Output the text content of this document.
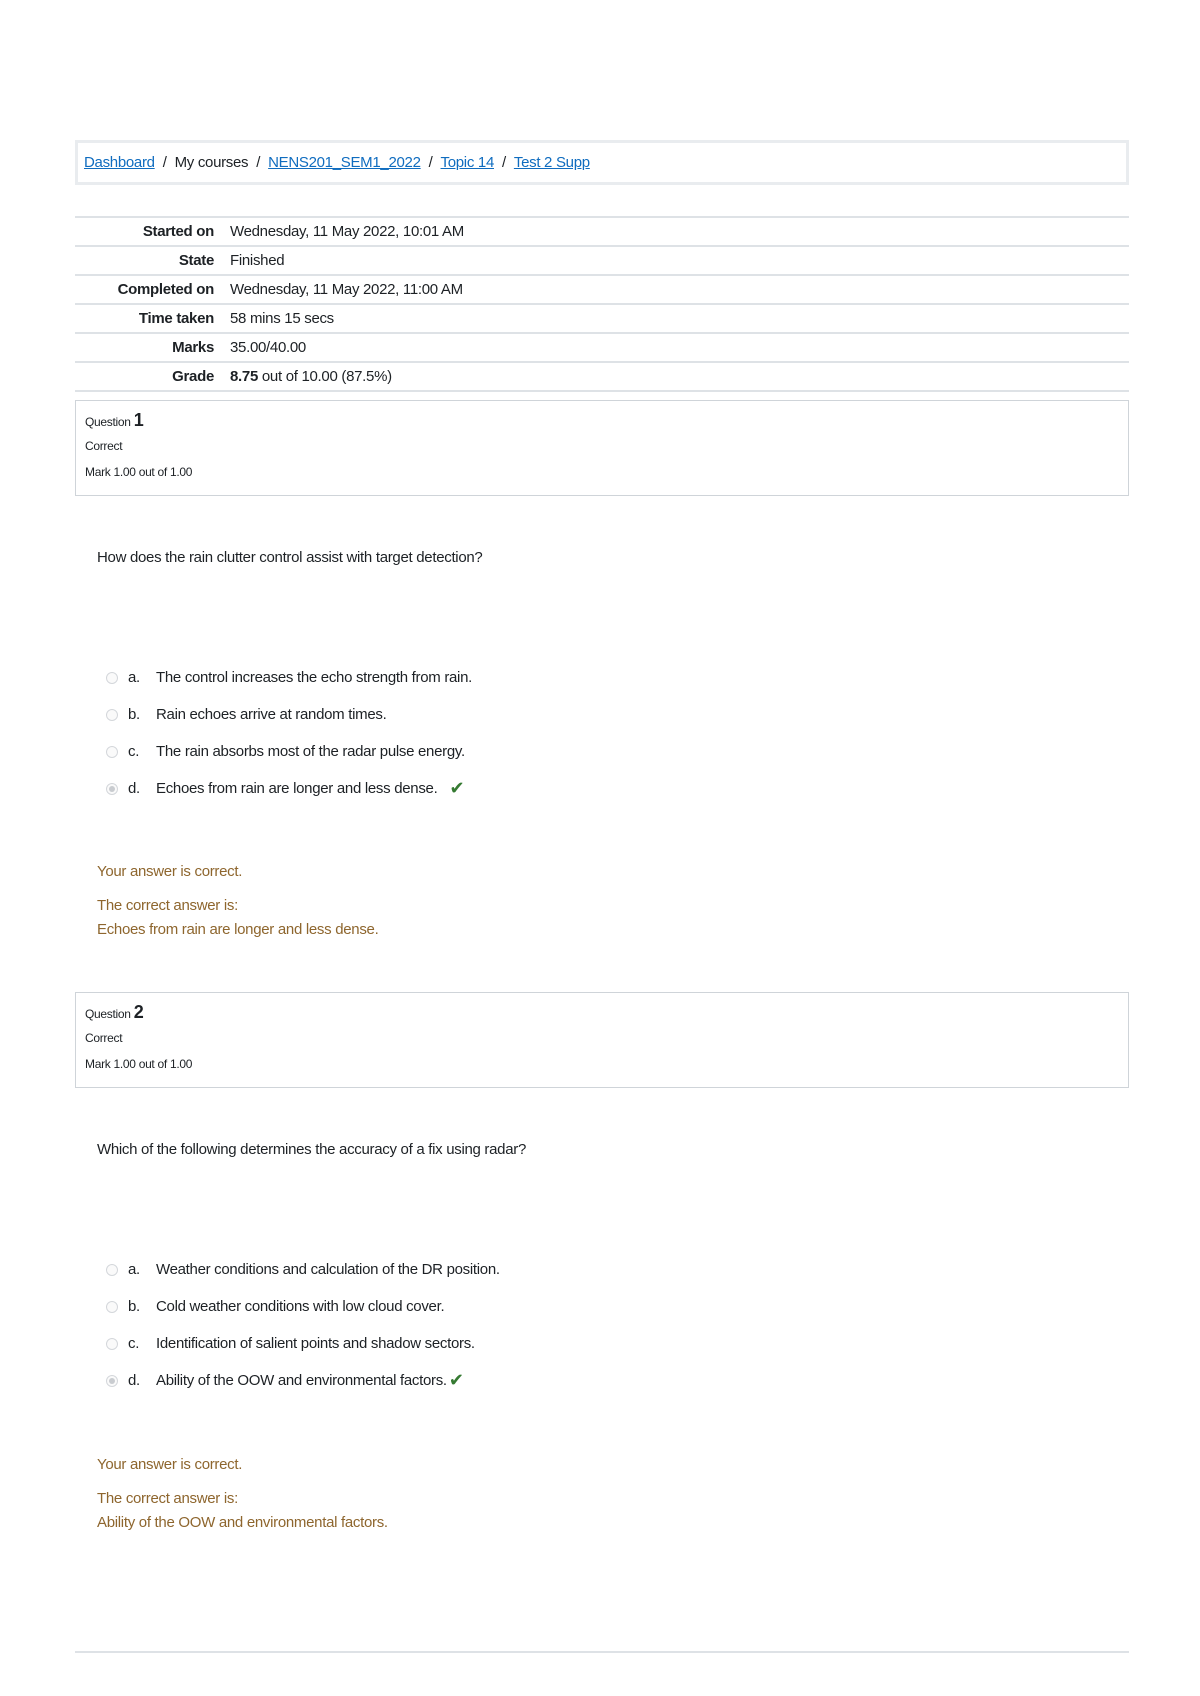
Dashboard / My courses / NENS201_SEM1_2022 / Topic 14 / Test 2 Supp
Started on	Wednesday, 11 May 2022, 10:01 AM
State	Finished
Completed on	Wednesday, 11 May 2022, 11:00 AM
Time taken	58 mins 15 secs
Marks	35.00/40.00
Grade	8.75 out of 10.00 (87.5%)
Question 1
Correct
Mark 1.00 out of 1.00
How does the rain clutter control assist with target detection?
a.	The control increases the echo strength from rain.
b.	Rain echoes arrive at random times.
c.	The rain absorbs most of the radar pulse energy.
d.	Echoes from rain are longer and less dense. ✔
Your answer is correct.
The correct answer is:
Echoes from rain are longer and less dense.
Question 2
Correct
Mark 1.00 out of 1.00
Which of the following determines the accuracy of a fix using radar?
a.	Weather conditions and calculation of the DR position.
b.	Cold weather conditions with low cloud cover.
c.	Identification of salient points and shadow sectors.
d.	Ability of the OOW and environmental factors. ✔
Your answer is correct.
The correct answer is:
Ability of the OOW and environmental factors.
